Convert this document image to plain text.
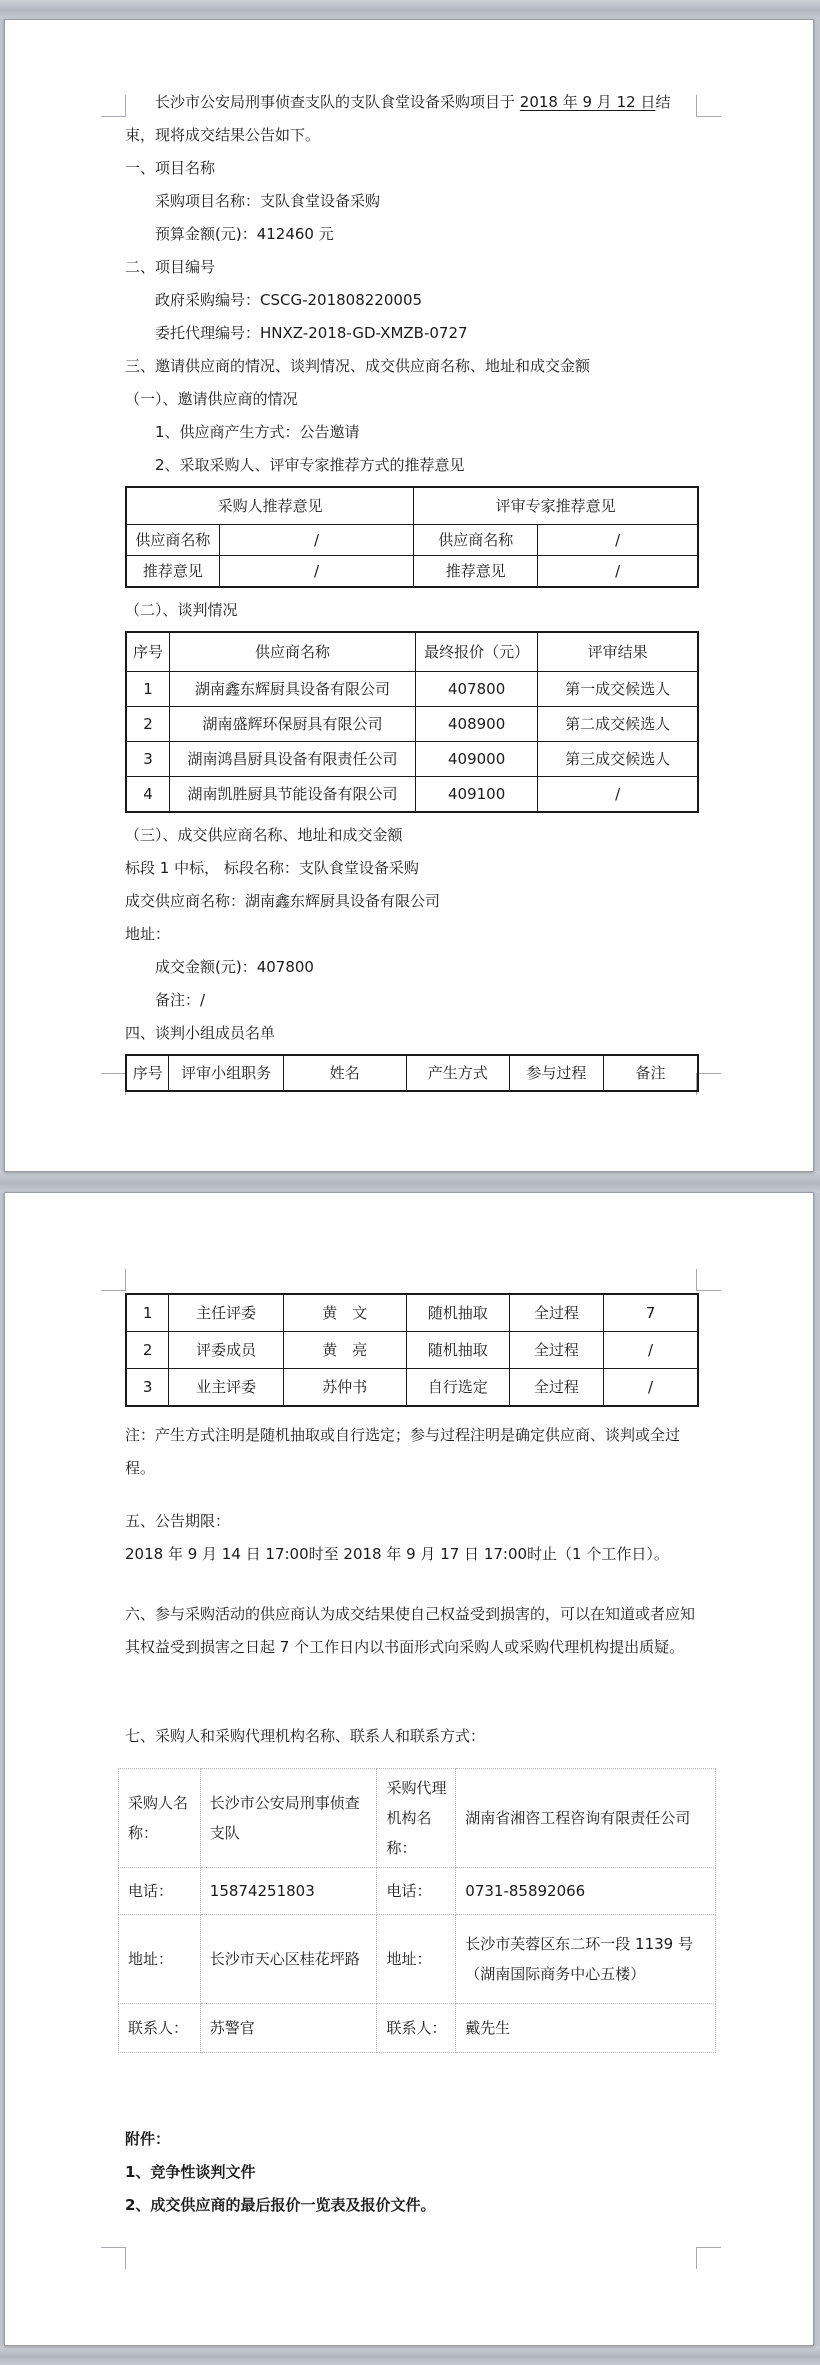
长沙市公安局刑事侦查支队的支队食堂设备采购项目于 2018 年 9 月 12 日结束，现将成交结果公告如下。

一、项目名称

采购项目名称：支队食堂设备采购

预算金额(元)：412460 元

二、项目编号

政府采购编号：CSCG-201808220005

委托代理编号：HNXZ-2018-GD-XMZB-0727

三、邀请供应商的情况、谈判情况、成交供应商名称、地址和成交金额

（一）、邀请供应商的情况

1、供应商产生方式：公告邀请

2、采取采购人、评审专家推荐方式的推荐意见

采购人推荐意见		评审专家推荐意见	
供应商名称	/	供应商名称	/
推荐意见	/	推荐意见	/

（二）、谈判情况

序号	供应商名称	最终报价（元）	评审结果
1	湖南鑫东辉厨具设备有限公司	407800	第一成交候选人
2	湖南盛辉环保厨具有限公司	408900	第二成交候选人
3	湖南鸿昌厨具设备有限责任公司	409000	第三成交候选人
4	湖南凯胜厨具节能设备有限公司	409100	/

（三）、成交供应商名称、地址和成交金额

标段 1 中标， 标段名称：支队食堂设备采购

成交供应商名称：湖南鑫东辉厨具设备有限公司

地址：

成交金额(元)：407800

备注：/

四、谈判小组成员名单

序号	评审小组职务	姓名	产生方式	参与过程	备注
1	主任评委	黄　文	随机抽取	全过程	7
2	评委成员	黄　亮	随机抽取	全过程	/
3	业主评委	苏仲书	自行选定	全过程	/

注：产生方式注明是随机抽取或自行选定；参与过程注明是确定供应商、谈判或全过程。

五、公告期限：

2018 年 9 月 14 日 17:00时至 2018 年 9 月 17 日 17:00时止（1 个工作日）。

六、参与采购活动的供应商认为成交结果使自己权益受到损害的，可以在知道或者应知其权益受到损害之日起 7 个工作日内以书面形式向采购人或采购代理机构提出质疑。

七、采购人和采购代理机构名称、联系人和联系方式：

采购人名称：	长沙市公安局刑事侦查支队	采购代理机构名称：	湖南省湘咨工程咨询有限责任公司
电话：	15874251803	电话：	0731-85892066
地址：	长沙市天心区桂花坪路	地址：	长沙市芙蓉区东二环一段 1139 号（湖南国际商务中心五楼）
联系人：	苏警官	联系人：	戴先生

附件：

1、竞争性谈判文件

2、成交供应商的最后报价一览表及报价文件。
